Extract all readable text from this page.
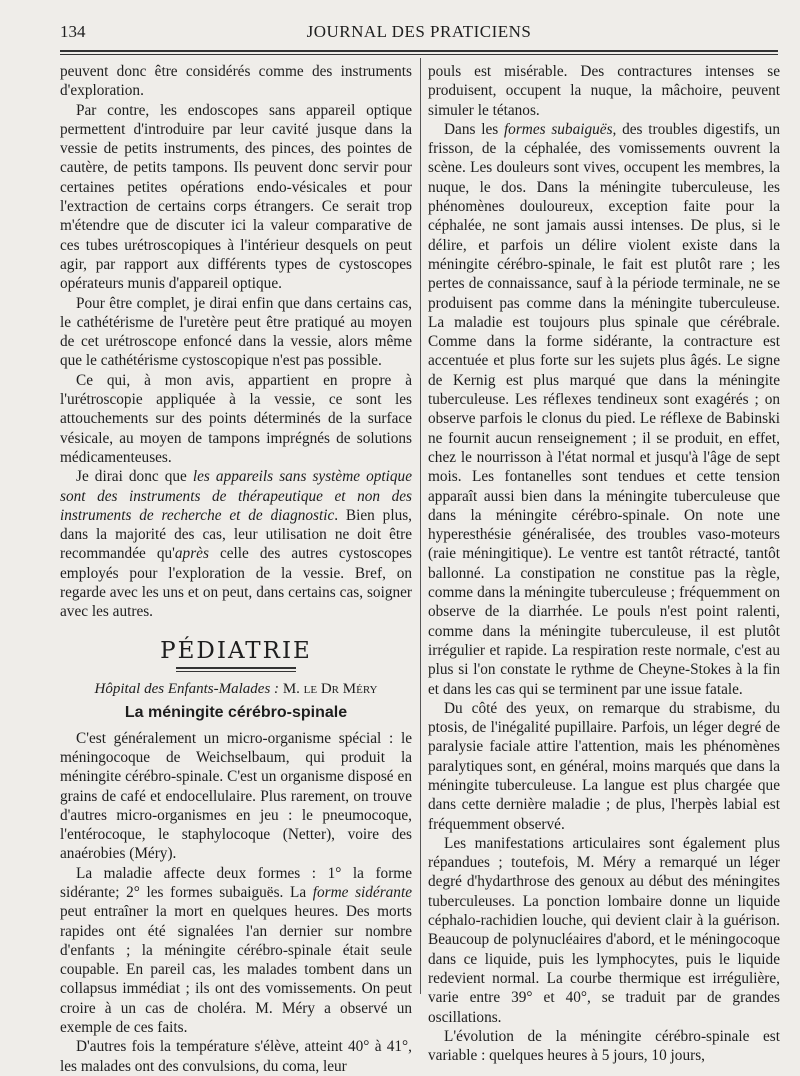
134	JOURNAL DES PRATICIENS

peuvent donc être considérés comme des instruments d'exploration.

Par contre, les endoscopes sans appareil optique permettent d'introduire par leur cavité jusque dans la vessie de petits instruments, des pinces, des pointes de cautère, de petits tampons. Ils peuvent donc servir pour certaines petites opérations endo-vésicales et pour l'extraction de certains corps étrangers. Ce serait trop m'étendre que de discuter ici la valeur comparative de ces tubes urétroscopiques à l'intérieur desquels on peut agir, par rapport aux différents types de cystoscopes opérateurs munis d'appareil optique.

Pour être complet, je dirai enfin que dans certains cas, le cathétérisme de l'uretère peut être pratiqué au moyen de cet urétroscope enfoncé dans la vessie, alors même que le cathétérisme cystoscopique n'est pas possible.

Ce qui, à mon avis, appartient en propre à l'urétroscopie appliquée à la vessie, ce sont les attouchements sur des points déterminés de la surface vésicale, au moyen de tampons imprégnés de solutions médicamenteuses.

Je dirai donc que les appareils sans système optique sont des instruments de thérapeutique et non des instruments de recherche et de diagnostic. Bien plus, dans la majorité des cas, leur utilisation ne doit être recommandée qu'après celle des autres cystoscopes employés pour l'exploration de la vessie. Bref, on regarde avec les uns et on peut, dans certains cas, soigner avec les autres.

PÉDIATRIE
Hôpital des Enfants-Malades : M. le Dr Méry
La méningite cérébro-spinale

C'est généralement un micro-organisme spécial : le méningocoque de Weichselbaum, qui produit la méningite cérébro-spinale. C'est un organisme disposé en grains de café et endocellulaire. Plus rarement, on trouve d'autres micro-organismes en jeu : le pneumocoque, l'entérocoque, le staphylocoque (Netter), voire des anaérobies (Méry).

La maladie affecte deux formes : 1° la forme sidérante; 2° les formes subaiguës. La forme sidérante peut entraîner la mort en quelques heures. Des morts rapides ont été signalées l'an dernier sur nombre d'enfants ; la méningite cérébro-spinale était seule coupable. En pareil cas, les malades tombent dans un collapsus immédiat ; ils ont des vomissements. On peut croire à un cas de choléra. M. Méry a observé un exemple de ces faits.

D'autres fois la température s'élève, atteint 40° à 41°, les malades ont des convulsions, du coma, leur

pouls est misérable. Des contractures intenses se produisent, occupent la nuque, la mâchoire, peuvent simuler le tétanos.

Dans les formes subaiguës, des troubles digestifs, un frisson, de la céphalée, des vomissements ouvrent la scène. Les douleurs sont vives, occupent les membres, la nuque, le dos. Dans la méningite tuberculeuse, les phénomènes douloureux, exception faite pour la céphalée, ne sont jamais aussi intenses. De plus, si le délire, et parfois un délire violent existe dans la méningite cérébro-spinale, le fait est plutôt rare ; les pertes de connaissance, sauf à la période terminale, ne se produisent pas comme dans la méningite tuberculeuse. La maladie est toujours plus spinale que cérébrale. Comme dans la forme sidérante, la contracture est accentuée et plus forte sur les sujets plus âgés. Le signe de Kernig est plus marqué que dans la méningite tuberculeuse. Les réflexes tendineux sont exagérés ; on observe parfois le clonus du pied. Le réflexe de Babinski ne fournit aucun renseignement ; il se produit, en effet, chez le nourrisson à l'état normal et jusqu'à l'âge de sept mois. Les fontanelles sont tendues et cette tension apparaît aussi bien dans la méningite tuberculeuse que dans la méningite cérébro-spinale. On note une hyperesthésie généralisée, des troubles vaso-moteurs (raie méningitique). Le ventre est tantôt rétracté, tantôt ballonné. La constipation ne constitue pas la règle, comme dans la méningite tuberculeuse ; fréquemment on observe de la diarrhée. Le pouls n'est point ralenti, comme dans la méningite tuberculeuse, il est plutôt irrégulier et rapide. La respiration reste normale, c'est au plus si l'on constate le rythme de Cheyne-Stokes à la fin et dans les cas qui se terminent par une issue fatale.

Du côté des yeux, on remarque du strabisme, du ptosis, de l'inégalité pupillaire. Parfois, un léger degré de paralysie faciale attire l'attention, mais les phénomènes paralytiques sont, en général, moins marqués que dans la méningite tuberculeuse. La langue est plus chargée que dans cette dernière maladie ; de plus, l'herpès labial est fréquemment observé.

Les manifestations articulaires sont également plus répandues ; toutefois, M. Méry a remarqué un léger degré d'hydarthrose des genoux au début des méningites tuberculeuses. La ponction lombaire donne un liquide céphalo-rachidien louche, qui devient clair à la guérison. Beaucoup de polynucléaires d'abord, et le méningocoque dans ce liquide, puis les lymphocytes, puis le liquide redevient normal. La courbe thermique est irrégulière, varie entre 39° et 40°, se traduit par de grandes oscillations.

L'évolution de la méningite cérébro-spinale est variable : quelques heures à 5 jours, 10 jours,
